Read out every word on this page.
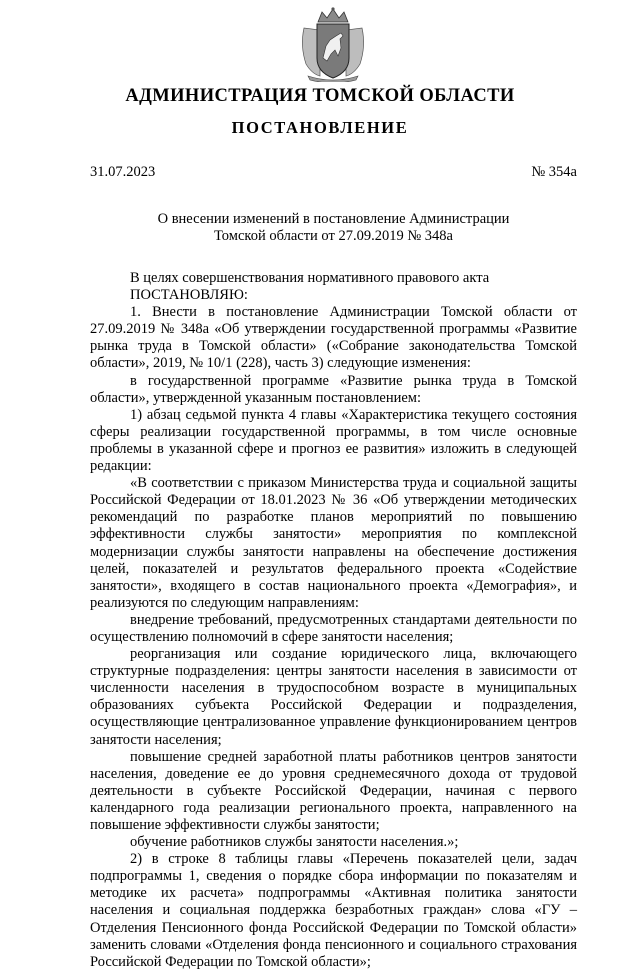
АДМИНИСТРАЦИЯ ТОМСКОЙ ОБЛАСТИ
ПОСТАНОВЛЕНИЕ
31.07.2023	№ 354а
О внесении изменений в постановление Администрации
Томской области от 27.09.2019 № 348а

В целях совершенствования нормативного правового акта

ПОСТАНОВЛЯЮ:

1. Внести в постановление Администрации Томской области от 27.09.2019 № 348а «Об утверждении государственной программы «Развитие рынка труда в Томской области» («Собрание законодательства Томской области», 2019, № 10/1 (228), часть 3) следующие изменения:

в государственной программе «Развитие рынка труда в Томской области», утвержденной указанным постановлением:

1) абзац седьмой пункта 4 главы «Характеристика текущего состояния сферы реализации государственной программы, в том числе основные проблемы в указанной сфере и прогноз ее развития» изложить в следующей редакции:

«В соответствии с приказом Министерства труда и социальной защиты Российской Федерации от 18.01.2023 № 36 «Об утверждении методических рекомендаций по разработке планов мероприятий по повышению эффективности службы занятости» мероприятия по комплексной модернизации службы занятости направлены на обеспечение достижения целей, показателей и результатов федерального проекта «Содействие занятости», входящего в состав национального проекта «Демография», и реализуются по следующим направлениям:

внедрение требований, предусмотренных стандартами деятельности по осуществлению полномочий в сфере занятости населения;

реорганизация или создание юридического лица, включающего структурные подразделения: центры занятости населения в зависимости от численности населения в трудоспособном возрасте в муниципальных образованиях субъекта Российской Федерации и подразделения, осуществляющие централизованное управление функционированием центров занятости населения;

повышение средней заработной платы работников центров занятости населения, доведение ее до уровня среднемесячного дохода от трудовой деятельности в субъекте Российской Федерации, начиная с первого календарного года реализации регионального проекта, направленного на повышение эффективности службы занятости;

обучение работников службы занятости населения.»;

2) в строке 8 таблицы главы «Перечень показателей цели, задач подпрограммы 1, сведения о порядке сбора информации по показателям и методике их расчета» подпрограммы «Активная политика занятости населения и социальная поддержка безработных граждан» слова «ГУ – Отделения Пенсионного фонда Российской Федерации по Томской области» заменить словами «Отделения фонда пенсионного и социального страхования Российской Федерации по Томской области»;
